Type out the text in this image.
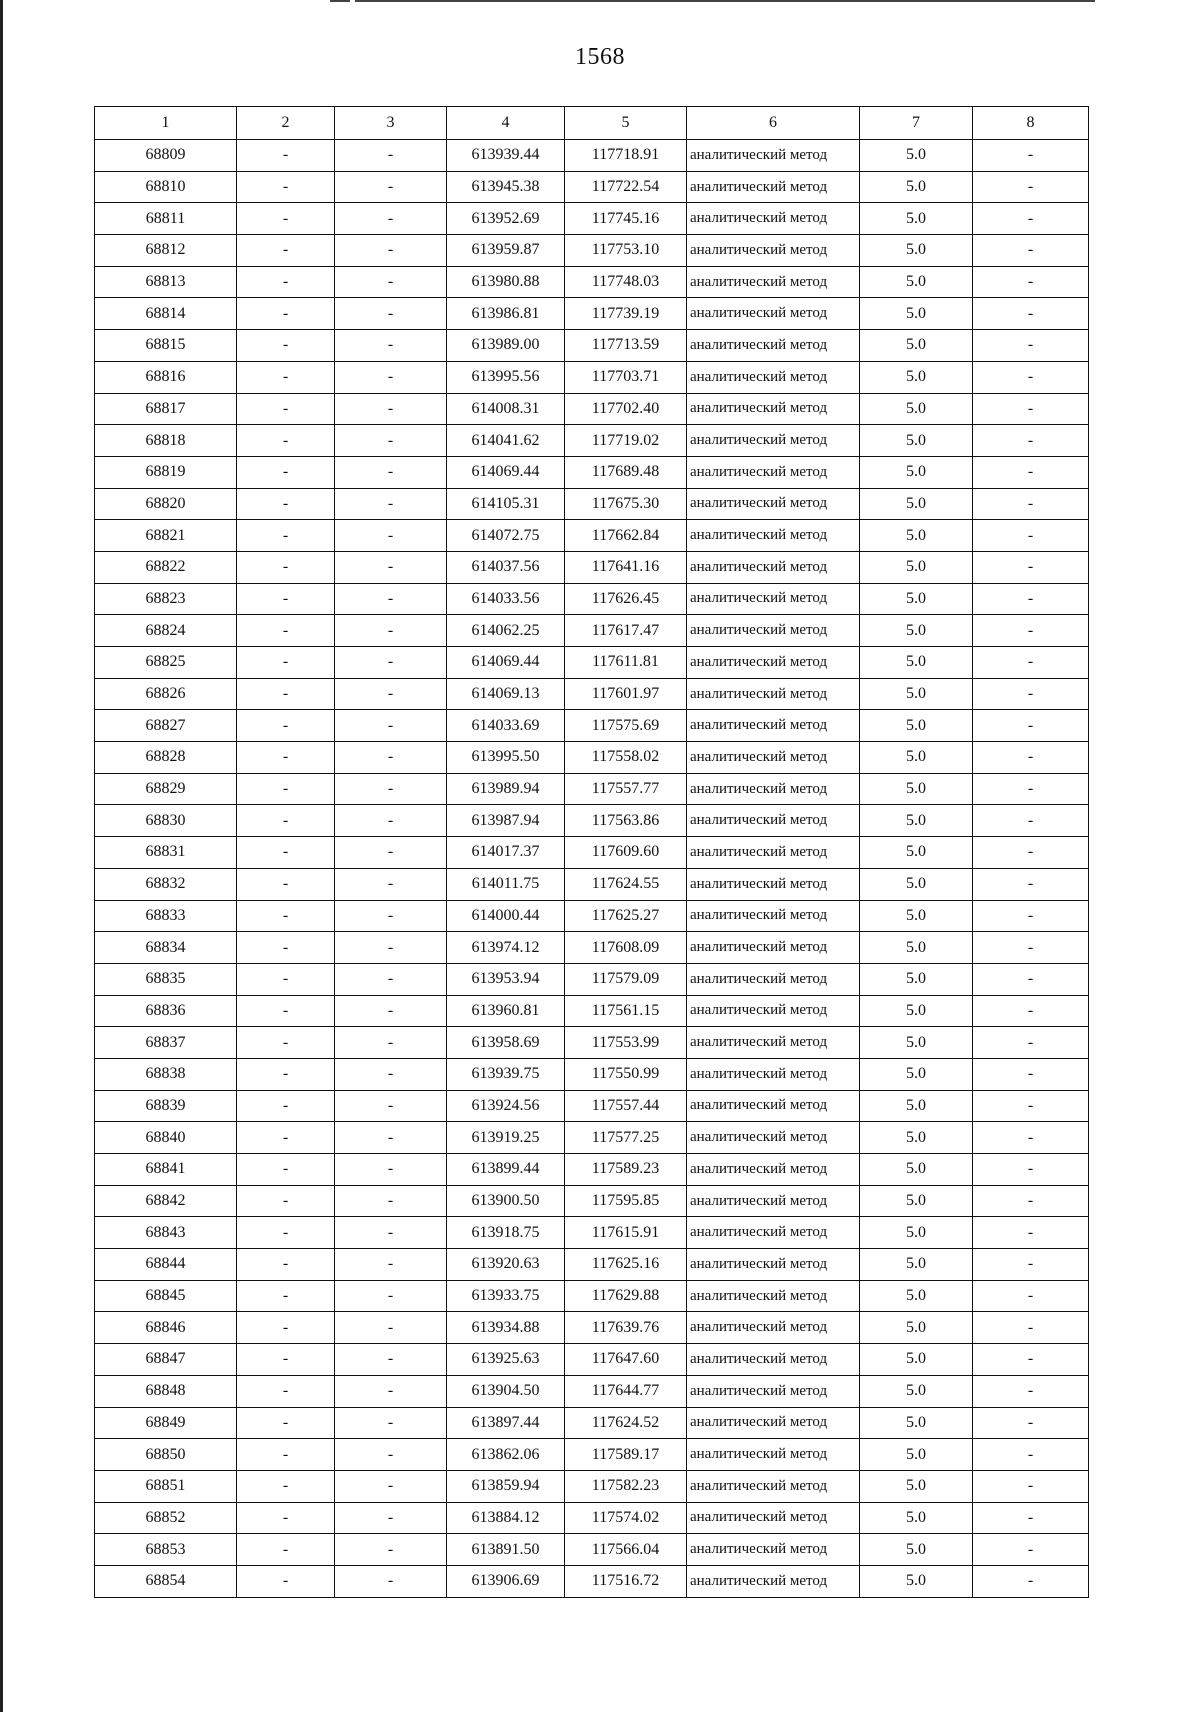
1568
1	2	3	4	5	6	7	8
68809	-	-	613939.44	117718.91	аналитический метод	5.0	-
68810	-	-	613945.38	117722.54	аналитический метод	5.0	-
68811	-	-	613952.69	117745.16	аналитический метод	5.0	-
68812	-	-	613959.87	117753.10	аналитический метод	5.0	-
68813	-	-	613980.88	117748.03	аналитический метод	5.0	-
68814	-	-	613986.81	117739.19	аналитический метод	5.0	-
68815	-	-	613989.00	117713.59	аналитический метод	5.0	-
68816	-	-	613995.56	117703.71	аналитический метод	5.0	-
68817	-	-	614008.31	117702.40	аналитический метод	5.0	-
68818	-	-	614041.62	117719.02	аналитический метод	5.0	-
68819	-	-	614069.44	117689.48	аналитический метод	5.0	-
68820	-	-	614105.31	117675.30	аналитический метод	5.0	-
68821	-	-	614072.75	117662.84	аналитический метод	5.0	-
68822	-	-	614037.56	117641.16	аналитический метод	5.0	-
68823	-	-	614033.56	117626.45	аналитический метод	5.0	-
68824	-	-	614062.25	117617.47	аналитический метод	5.0	-
68825	-	-	614069.44	117611.81	аналитический метод	5.0	-
68826	-	-	614069.13	117601.97	аналитический метод	5.0	-
68827	-	-	614033.69	117575.69	аналитический метод	5.0	-
68828	-	-	613995.50	117558.02	аналитический метод	5.0	-
68829	-	-	613989.94	117557.77	аналитический метод	5.0	-
68830	-	-	613987.94	117563.86	аналитический метод	5.0	-
68831	-	-	614017.37	117609.60	аналитический метод	5.0	-
68832	-	-	614011.75	117624.55	аналитический метод	5.0	-
68833	-	-	614000.44	117625.27	аналитический метод	5.0	-
68834	-	-	613974.12	117608.09	аналитический метод	5.0	-
68835	-	-	613953.94	117579.09	аналитический метод	5.0	-
68836	-	-	613960.81	117561.15	аналитический метод	5.0	-
68837	-	-	613958.69	117553.99	аналитический метод	5.0	-
68838	-	-	613939.75	117550.99	аналитический метод	5.0	-
68839	-	-	613924.56	117557.44	аналитический метод	5.0	-
68840	-	-	613919.25	117577.25	аналитический метод	5.0	-
68841	-	-	613899.44	117589.23	аналитический метод	5.0	-
68842	-	-	613900.50	117595.85	аналитический метод	5.0	-
68843	-	-	613918.75	117615.91	аналитический метод	5.0	-
68844	-	-	613920.63	117625.16	аналитический метод	5.0	-
68845	-	-	613933.75	117629.88	аналитический метод	5.0	-
68846	-	-	613934.88	117639.76	аналитический метод	5.0	-
68847	-	-	613925.63	117647.60	аналитический метод	5.0	-
68848	-	-	613904.50	117644.77	аналитический метод	5.0	-
68849	-	-	613897.44	117624.52	аналитический метод	5.0	-
68850	-	-	613862.06	117589.17	аналитический метод	5.0	-
68851	-	-	613859.94	117582.23	аналитический метод	5.0	-
68852	-	-	613884.12	117574.02	аналитический метод	5.0	-
68853	-	-	613891.50	117566.04	аналитический метод	5.0	-
68854	-	-	613906.69	117516.72	аналитический метод	5.0	-
